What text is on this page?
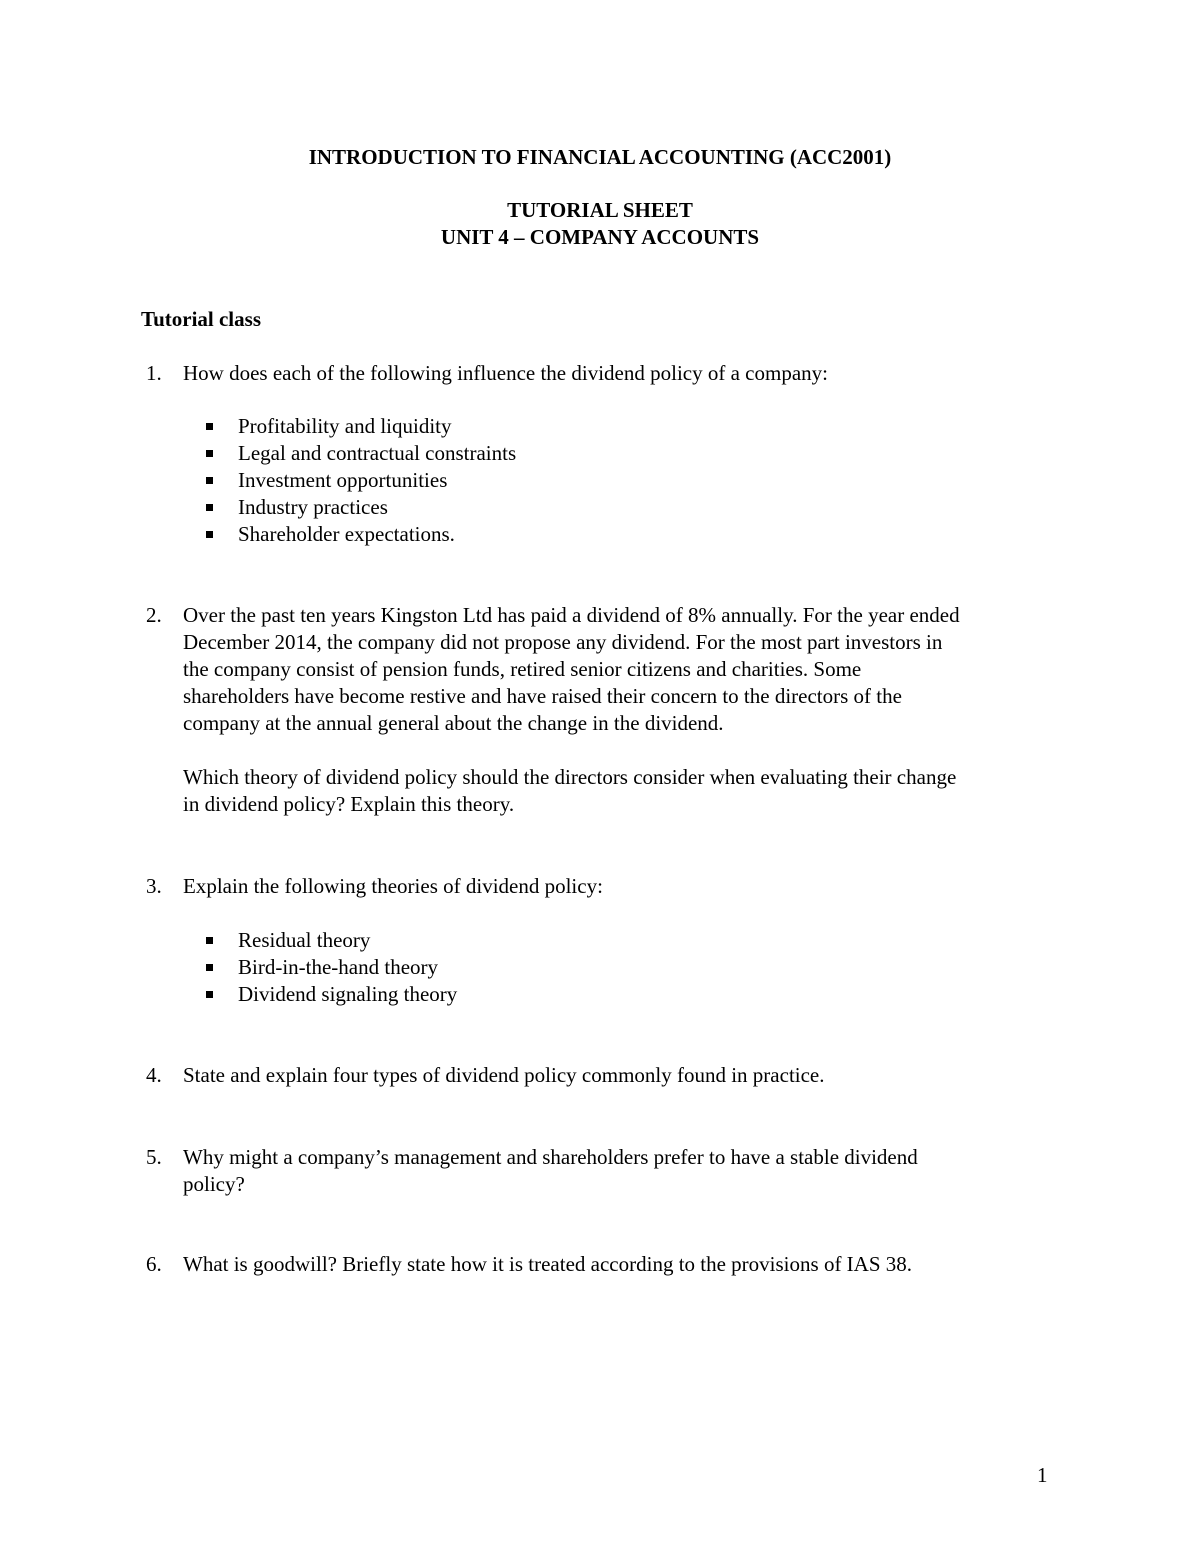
INTRODUCTION TO FINANCIAL ACCOUNTING (ACC2001)
TUTORIAL SHEET
UNIT 4 – COMPANY ACCOUNTS
Tutorial class
1. How does each of the following influence the dividend policy of a company:

Profitability and liquidity
Legal and contractual constraints
Investment opportunities
Industry practices
Shareholder expectations.
2. Over the past ten years Kingston Ltd has paid a dividend of 8% annually. For the year ended

December 2014, the company did not propose any dividend. For the most part investors in

the company consist of pension funds, retired senior citizens and charities. Some

shareholders have become restive and have raised their concern to the directors of the

company at the annual general about the change in the dividend.

Which theory of dividend policy should the directors consider when evaluating their change

in dividend policy? Explain this theory.

3. Explain the following theories of dividend policy:

Residual theory
Bird-in-the-hand theory
Dividend signaling theory
4. State and explain four types of dividend policy commonly found in practice.

5. Why might a company’s management and shareholders prefer to have a stable dividend

policy?

6. What is goodwill? Briefly state how it is treated according to the provisions of IAS 38.

1
